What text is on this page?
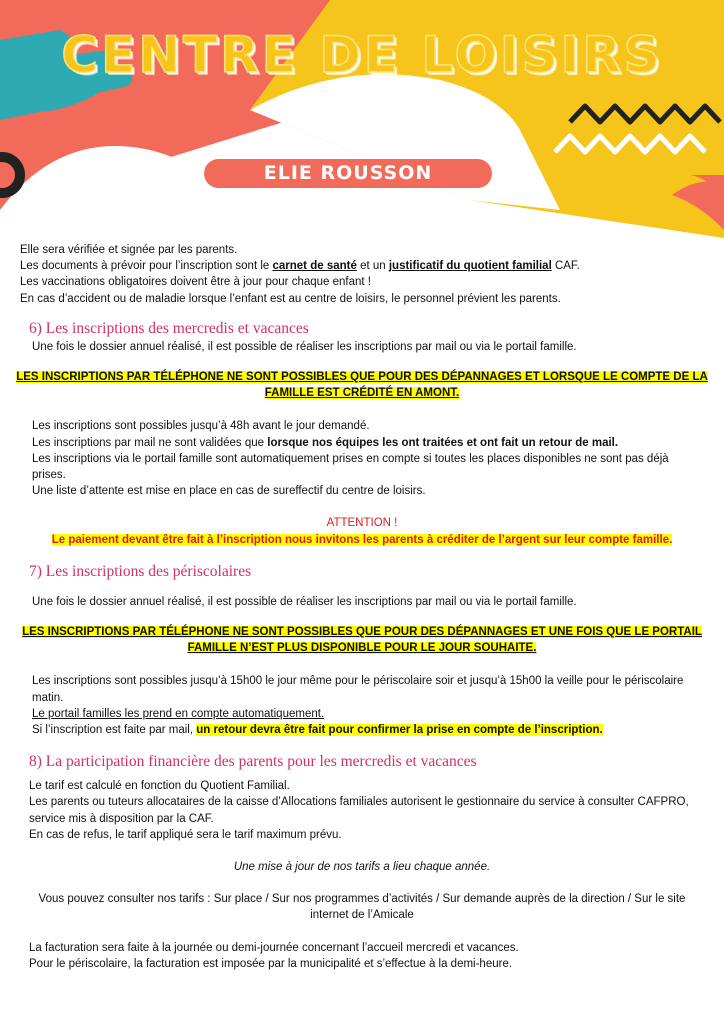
CENTRE DE LOISIRS
ELIE ROUSSON

Elle sera vérifiée et signée par les parents.

Les documents à prévoir pour l’inscription sont le carnet de santé et un justificatif du quotient familial CAF.

Les vaccinations obligatoires doivent être à jour pour chaque enfant !

En cas d’accident ou de maladie lorsque l’enfant est au centre de loisirs, le personnel prévient les parents.

6) Les inscriptions des mercredis et vacances

Une fois le dossier annuel réalisé, il est possible de réaliser les inscriptions par mail ou via le portail famille.

LES INSCRIPTIONS PAR TÉLÉPHONE NE SONT POSSIBLES QUE POUR DES DÉPANNAGES ET LORSQUE LE COMPTE DE LA

FAMILLE EST CRÉDITÉ EN AMONT.

Les inscriptions sont possibles jusqu’à 48h avant le jour demandé.

Les inscriptions par mail ne sont validées que lorsque nos équipes les ont traitées et ont fait un retour de mail.

Les inscriptions via le portail famille sont automatiquement prises en compte si toutes les places disponibles ne sont pas déjà prises.

Une liste d’attente est mise en place en cas de sureffectif du centre de loisirs.

ATTENTION !

Le paiement devant être fait à l’inscription nous invitons les parents à créditer de l’argent sur leur compte famille.

7) Les inscriptions des périscolaires

Une fois le dossier annuel réalisé, il est possible de réaliser les inscriptions par mail ou via le portail famille.

LES INSCRIPTIONS PAR TÉLÉPHONE NE SONT POSSIBLES QUE POUR DES DÉPANNAGES ET UNE FOIS QUE LE PORTAIL

FAMILLE N’EST PLUS DISPONIBLE POUR LE JOUR SOUHAITE.

Les inscriptions sont possibles jusqu’à 15h00 le jour même pour le périscolaire soir et jusqu’à 15h00 la veille pour le périscolaire matin.

Le portail familles les prend en compte automatiquement.

Si l’inscription est faite par mail, un retour devra être fait pour confirmer la prise en compte de l’inscription.

8) La participation financière des parents pour les mercredis et vacances

Le tarif est calculé en fonction du Quotient Familial.

Les parents ou tuteurs allocataires de la caisse d’Allocations familiales autorisent le gestionnaire du service à consulter CAFPRO, service mis à disposition par la CAF.

En cas de refus, le tarif appliqué sera le tarif maximum prévu.

Une mise à jour de nos tarifs a lieu chaque année.

Vous pouvez consulter nos tarifs : Sur place / Sur nos programmes d’activités / Sur demande auprès de la direction / Sur le site internet de l’Amicale

La facturation sera faite à la journée ou demi-journée concernant l’accueil mercredi et vacances.

Pour le périscolaire, la facturation est imposée par la municipalité et s’effectue à la demi-heure.
